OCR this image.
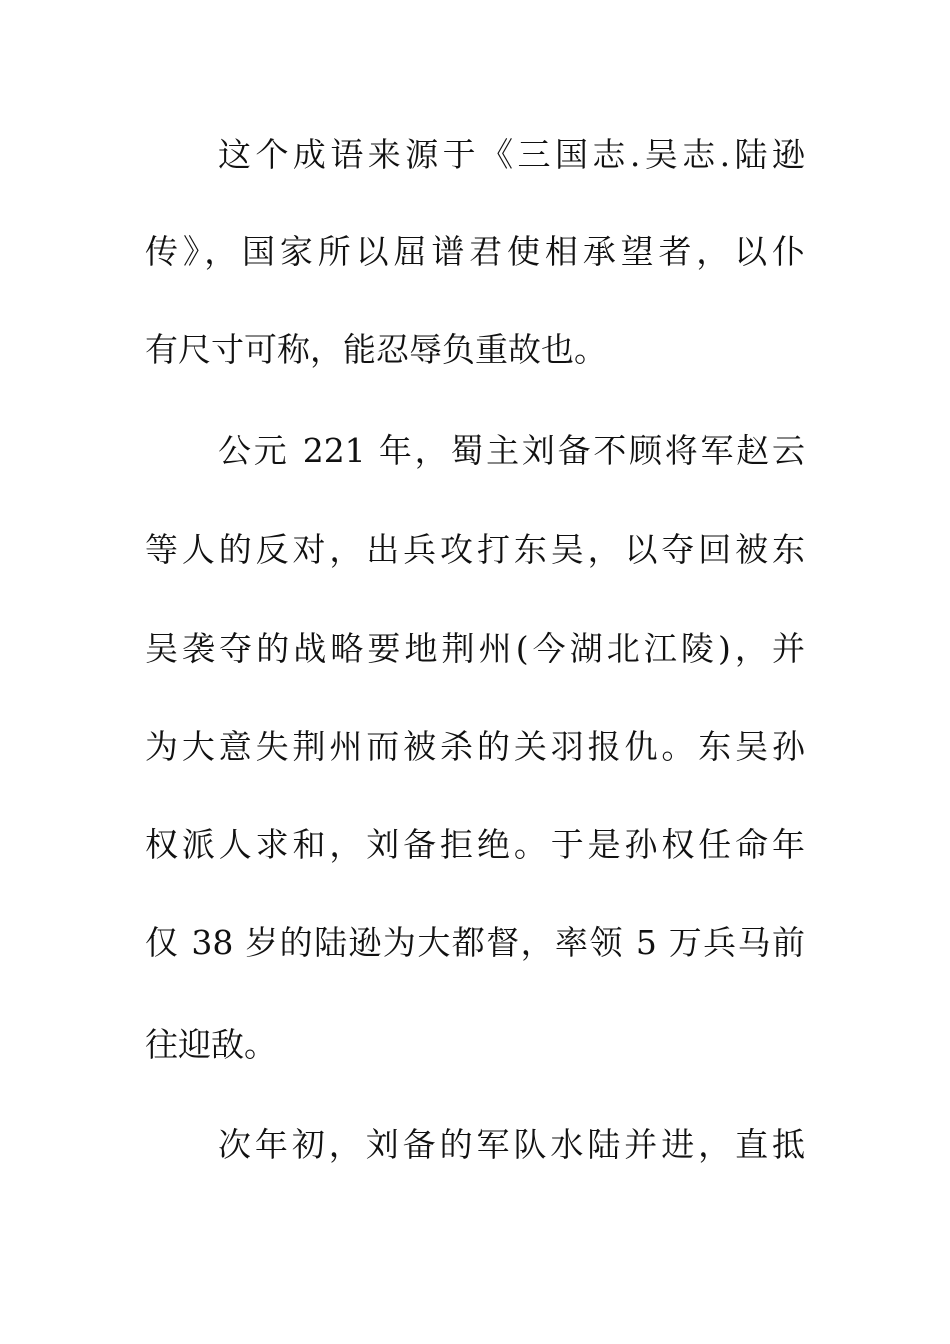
这个成语来源于《三国志.吴志.陆逊
传》，国家所以屈谱君使相承望者，以仆
有尺寸可称，能忍辱负重故也。
公元 221 年，蜀主刘备不顾将军赵云
等人的反对，出兵攻打东吴，以夺回被东
吴袭夺的战略要地荆州(今湖北江陵)，并
为大意失荆州而被杀的关羽报仇。东吴孙
权派人求和，刘备拒绝。于是孙权任命年
仅 38 岁的陆逊为大都督，率领 5 万兵马前
往迎敌。
次年初，刘备的军队水陆并进，直抵
